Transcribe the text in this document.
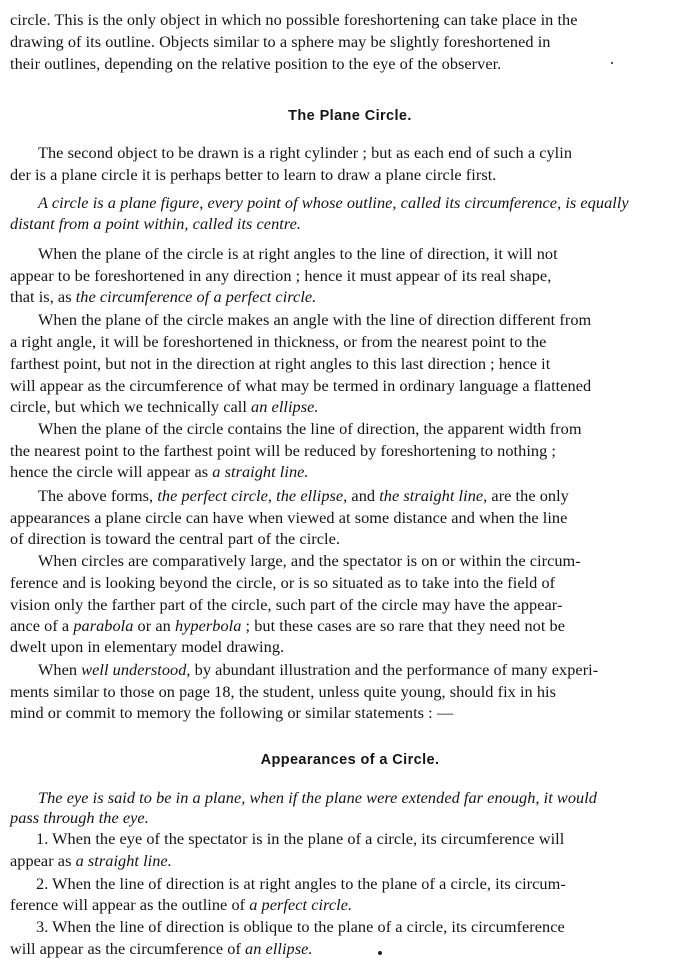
circle. This is the only object in which no possible foreshortening can take place in the
drawing of its outline. Objects similar to a sphere may be slightly foreshortened in
their outlines, depending on the relative position to the eye of the observer.
The Plane Circle.
The second object to be drawn is a right cylinder ; but as each end of such a cylin
der is a plane circle it is perhaps better to learn to draw a plane circle first.
A circle is a plane figure, every point of whose outline, called its circumference, is equally
distant from a point within, called its centre.
When the plane of the circle is at right angles to the line of direction, it will not
appear to be foreshortened in any direction ; hence it must appear of its real shape,
that is, as the circumference of a perfect circle.
When the plane of the circle makes an angle with the line of direction different from
a right angle, it will be foreshortened in thickness, or from the nearest point to the
farthest point, but not in the direction at right angles to this last direction ; hence it
will appear as the circumference of what may be termed in ordinary language a flattened
circle, but which we technically call an ellipse.
When the plane of the circle contains the line of direction, the apparent width from
the nearest point to the farthest point will be reduced by foreshortening to nothing ;
hence the circle will appear as a straight line.
The above forms, the perfect circle, the ellipse, and the straight line, are the only
appearances a plane circle can have when viewed at some distance and when the line
of direction is toward the central part of the circle.
When circles are comparatively large, and the spectator is on or within the circum-
ference and is looking beyond the circle, or is so situated as to take into the field of
vision only the farther part of the circle, such part of the circle may have the appear-
ance of a parabola or an hyperbola ; but these cases are so rare that they need not be
dwelt upon in elementary model drawing.
When well understood, by abundant illustration and the performance of many experi-
ments similar to those on page 18, the student, unless quite young, should fix in his
mind or commit to memory the following or similar statements : —
Appearances of a Circle.
The eye is said to be in a plane, when if the plane were extended far enough, it would
pass through the eye.
1. When the eye of the spectator is in the plane of a circle, its circumference will
appear as a straight line.
2. When the line of direction is at right angles to the plane of a circle, its circum-
ference will appear as the outline of a perfect circle.
3. When the line of direction is oblique to the plane of a circle, its circumference
will appear as the circumference of an ellipse.
